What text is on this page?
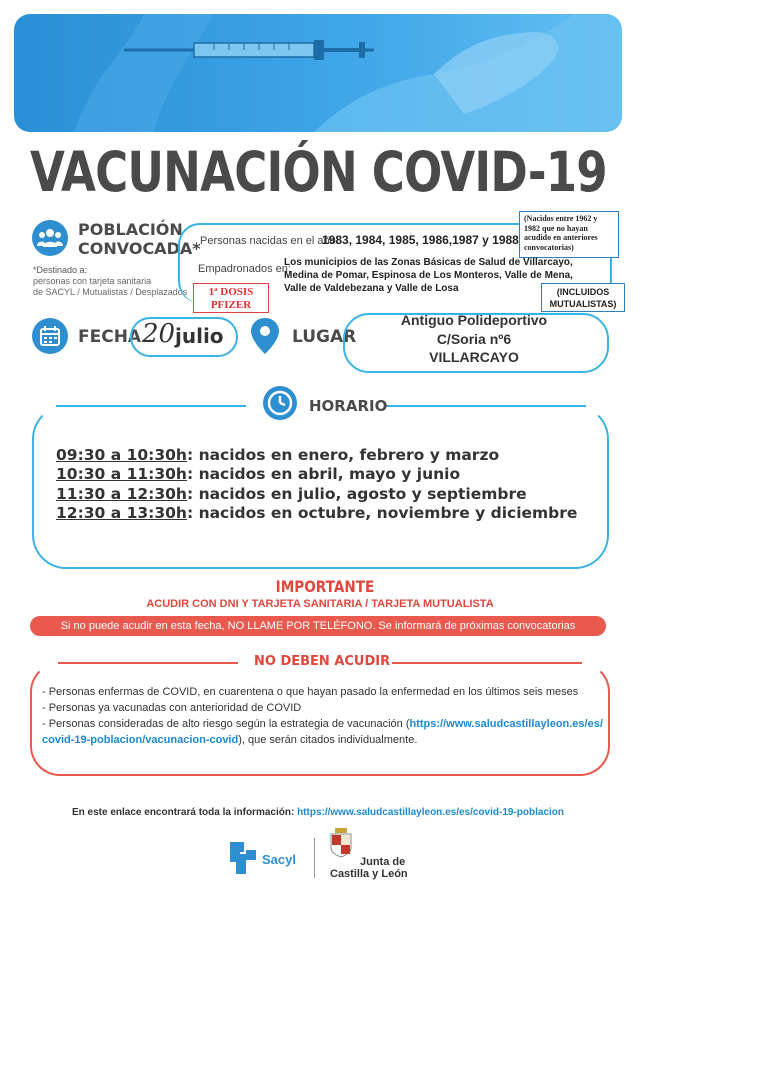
VACUNACIÓN COVID-19
POBLACIÓN
CONVOCADA*
*Destinado a:
personas con tarjeta sanitaria
de SACYL / Mutualistas / Desplazados
Personas nacidas en el año:
1983, 1984, 1985, 1986,1987 y 1988
(Nacidos entre 1962 y 1982 que no hayan acudido en anteriores convocatorias)
Empadronados en:
Los municipios de las Zonas Básicas de Salud de Villarcayo,
Medina de Pomar, Espinosa de Los Monteros, Valle de Mena,
Valle de Valdebezana y Valle de Losa	(INCLUIDOS MUTUALISTAS)
1ª DOSIS
PFIZER
FECHA 20 julio	LUGAR
Antiguo Polideportivo
C/Soria nº6
VILLARCAYO
HORARIO
09:30 a 10:30h: nacidos en enero, febrero y marzo
10:30 a 11:30h: nacidos en abril, mayo y junio
11:30 a 12:30h: nacidos en julio, agosto y septiembre
12:30 a 13:30h: nacidos en octubre, noviembre y diciembre
IMPORTANTE
ACUDIR CON DNI Y TARJETA SANITARIA / TARJETA MUTUALISTA
Si no puede acudir en esta fecha, NO LLAME POR TELÉFONO. Se informará de próximas convocatorias
NO DEBEN ACUDIR
- Personas enfermas de COVID, en cuarentena o que hayan pasado la enfermedad en los últimos seis meses
- Personas ya vacunadas con anterioridad de COVID
- Personas consideradas de alto riesgo según la estrategia de vacunación (https://www.saludcastillayleon.es/es/
covid-19-poblacion/vacunacion-covid), que serán citados individualmente.
En este enlace encontrará toda la información: https://www.saludcastillayleon.es/es/covid-19-poblacion
Sacyl	Junta de
Castilla y León
